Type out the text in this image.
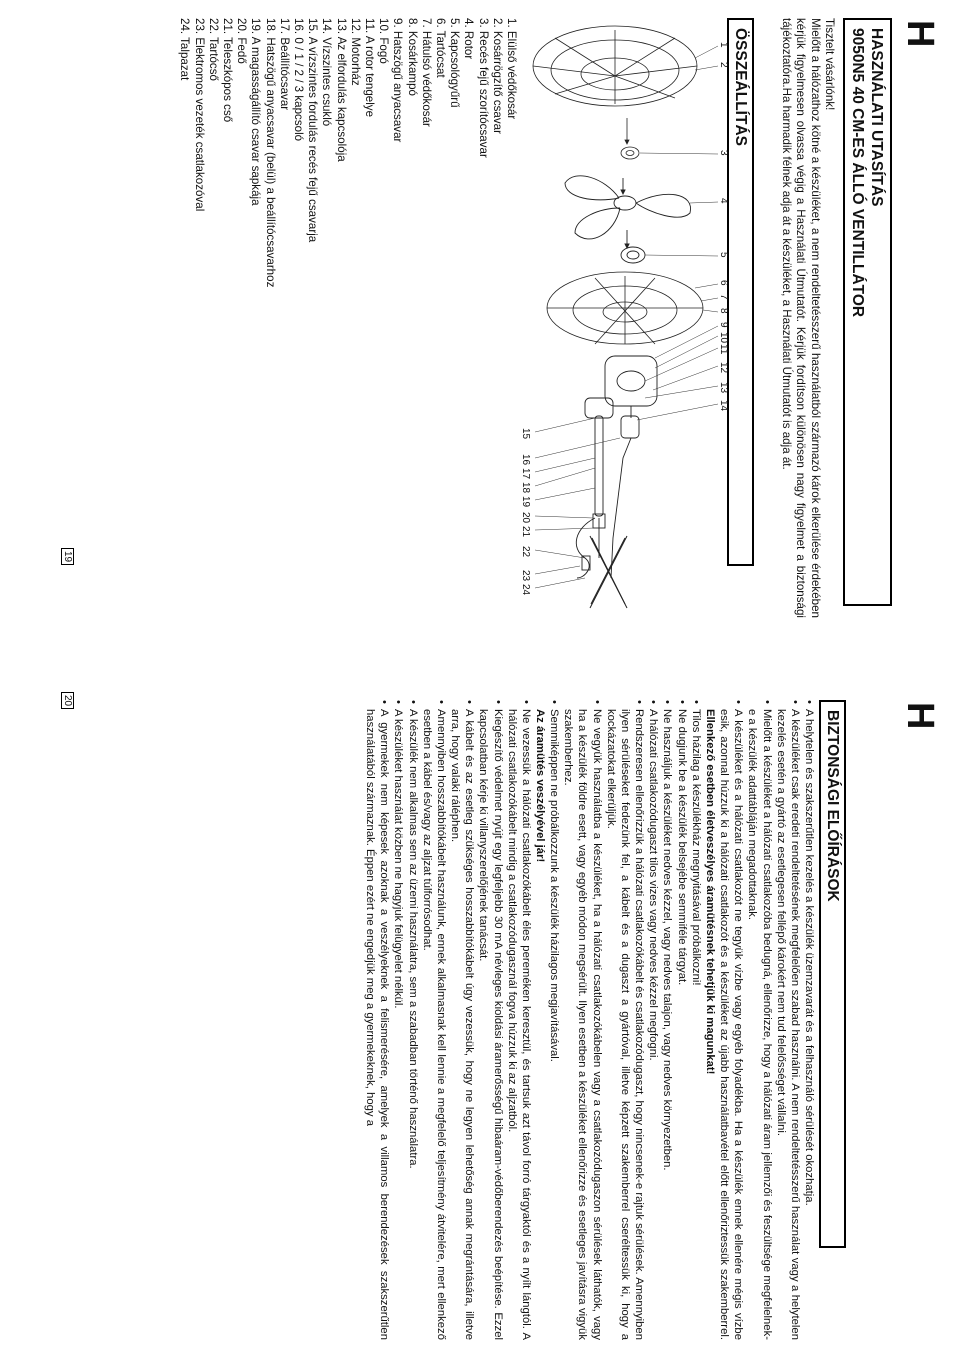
H
HASZNÁLATI UTASÍTÁS
9050N5 40 CM-ES ÁLLÓ VENTILLÁTOR

Tisztelt vásárlónk!

Mielőtt a hálózathoz kötné a készüléket, a nem rendeltetésszerű használatból származó károk elkerülése érdekében kérjük figyelmesen olvassa végig a Használati Útmutatót. Kérjük fordítson különösen nagy figyelmet a biztonsági tájékoztatóra.Ha harmadik félnek adja át a készüléket, a Használati Útmutatót is adja át.

ÖSSZEÁLLÍTÁS
1
2
3
4
5
6
7
8
9
10
11
12
13
14
15
16
17
18
19
20
21
22
23
24
1. Elülső védőkosár
2. Kosárrögzítő csavar
3. Recés fejű szorítócsavar
4. Rotor
5. Kapcsológyűrű
6. Tartócsat
7. Hátulsó védőkosár
8. Kosárkampó
9. Hatszögű anyacsavar
10. Fogó
11. A rotor tengelye
12. Motorház
13. Az elfordulás kapcsolója
14. Vízszintes csukló
15. A vízszintes fordulás recés fejű csavarja
16. 0 / 1 / 2 / 3 kapcsoló
17. Beállítócsavar
18. Hatszögű anyacsavar (belül) a beállítócsavarhoz
19. A magasságállító csavar sapkája
20. Fedő
21. Teleszkópos cső
22. Tartócső
23. Elektromos vezeték csatlakozóval
24. Talpazat
19
H
BIZTONSÁGI ELŐÍRÁSOK
• A helytelen és szakszerűtlen kezelés a készülék üzemzavarát és a felhasználó sérülését okozhatja.
• A készüléket csak eredeti rendeltetésének megfelelően szabad használni. A nem rendeltetésszerű használat vagy a helytelen kezelés esetén a gyártó az esetlegesen fellépő károkért nem tud felelősséget vállalni.
• Mielőtt a készüléket a hálózati csatlakozóba bedugná, ellenőrizze, hogy a hálózati áram jellemzői és feszültsége megfelelnek-e a készülék adattábláján megadottaknak.
• A készüléket és a hálózati csatlakozót ne tegyük vízbe vagy egyéb folyadékba. Ha a készülék ennek ellenére mégis vízbe esik, azonnal húzzuk ki a hálózati csatlakozót és a készüléket az újabb használatbavétel előtt ellenőriztessük szakemberrel. Ellenkező esetben életveszélyes áramütésnek tehetjük ki magunkat!
• Tilos házilag a készülékház megnyitásával próbálkozni!
• Ne dugjunk be a készülék belsejébe semmiféle tárgyat.
• Ne használjuk a készüléket nedves kézzel, vagy nedves talajon, vagy nedves környezetben.
• A hálózati csatlakozódugaszt tilos vizes vagy nedves kézzel megfogni.
• Rendszeresen ellenőrizzük a hálózati csatlakozókábelt és csatlakozódugaszt, hogy nincsenek-e rajtuk sérülések. Amennyiben ilyen sérüléseket fedezünk fel, a kábelt és a dugaszt a gyártóval, illetve képzett szakemberrel cseréltessük ki, hogy a kockázatokat elkerüljük.
• Ne vegyük használatba a készüléket, ha a hálózati csatlakozókábelen vagy a csatlakozódugaszon sérülések láthatók, vagy ha a készülék földre esett, vagy egyéb módon megsérült. Ilyen esetben a készüléket ellenőrizze és esetleges javításra vigyük szakemberhez.
• Semmiképpen ne próbálkozzunk a készülék házilagos megjavításával.
Az áramütés veszélyével jár!
• Ne vezessük a hálózati csatlakozókábelt éles pereméken keresztül, és tartsuk azt távol forró tárgyaktól és a nyílt lángtól. A hálózati csatlakozókábelt mindig a csatlakozódugasznál fogva húzzuk ki az aljzatból.
• Kiegészítő védelmet nyújt egy legfeljebb 30 mA névleges kioldási áramerősségű hibaáram-védőberendezés beépítése. Ezzel kapcsolatban kérje ki villanyszerelőjének tanácsát.
• A kábelt és az esetleg szükséges hosszabbítókábelt úgy vezessük, hogy ne legyen lehetőség annak megrántására, illetve arra, hogy valaki ráléphen.
• Amennyiben hosszabbítókábelt használunk, ennek alkalmasnak kell lennie a megfelelő teljesítmény átvitelére, mert ellenkező esetben a kábel és/vagy az aljzat túlforrósodhat.
• A készülék nem alkalmas sem az üzemi használatra, sem a szabadban történő használatra.
• A készüléket használat közben ne hagyjuk felügyelet nélkül.
• A gyermekek nem képesek azoknak a veszélyeknek a felismerésére, amelyek a villamos berendezések szakszerűtlen használatából származnak. Éppen ezért ne engedjük meg a gyermekeknek, hogy a
20
